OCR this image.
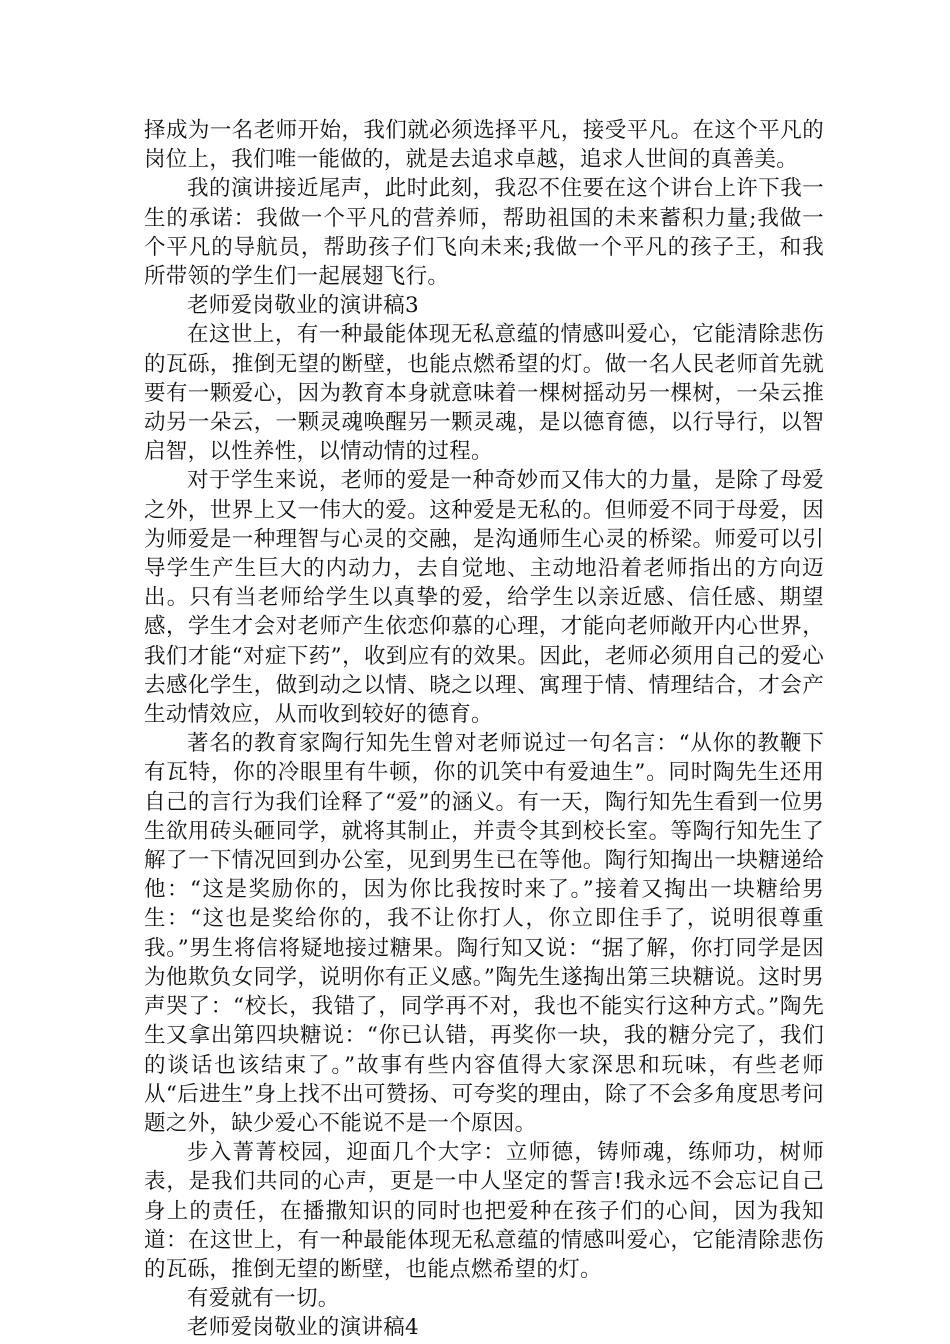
择成为一名老师开始，我们就必须选择平凡，接受平凡。在这个平凡的岗位上，我们唯一能做的，就是去追求卓越，追求人世间的真善美。

我的演讲接近尾声，此时此刻，我忍不住要在这个讲台上许下我一生的承诺：我做一个平凡的营养师，帮助祖国的未来蓄积力量;我做一个平凡的导航员，帮助孩子们飞向未来;我做一个平凡的孩子王，和我所带领的学生们一起展翅飞行。

老师爱岗敬业的演讲稿3

在这世上，有一种最能体现无私意蕴的情感叫爱心，它能清除悲伤的瓦砾，推倒无望的断壁，也能点燃希望的灯。做一名人民老师首先就要有一颗爱心，因为教育本身就意味着一棵树摇动另一棵树，一朵云推动另一朵云，一颗灵魂唤醒另一颗灵魂，是以德育德，以行导行，以智启智，以性养性，以情动情的过程。

对于学生来说，老师的爱是一种奇妙而又伟大的力量，是除了母爱之外，世界上又一伟大的爱。这种爱是无私的。但师爱不同于母爱，因为师爱是一种理智与心灵的交融，是沟通师生心灵的桥梁。师爱可以引导学生产生巨大的内动力，去自觉地、主动地沿着老师指出的方向迈出。只有当老师给学生以真挚的爱，给学生以亲近感、信任感、期望感，学生才会对老师产生依恋仰慕的心理，才能向老师敞开内心世界，我们才能“对症下药”，收到应有的效果。因此，老师必须用自己的爱心去感化学生，做到动之以情、晓之以理、寓理于情、情理结合，才会产生动情效应，从而收到较好的德育。

著名的教育家陶行知先生曾对老师说过一句名言：“从你的教鞭下有瓦特，你的冷眼里有牛顿，你的讥笑中有爱迪生”。同时陶先生还用自己的言行为我们诠释了“爱”的涵义。有一天，陶行知先生看到一位男生欲用砖头砸同学，就将其制止，并责令其到校长室。等陶行知先生了解了一下情况回到办公室，见到男生已在等他。陶行知掏出一块糖递给他：“这是奖励你的，因为你比我按时来了。”接着又掏出一块糖给男生：“这也是奖给你的，我不让你打人，你立即住手了，说明很尊重我。”男生将信将疑地接过糖果。陶行知又说：“据了解，你打同学是因为他欺负女同学，说明你有正义感。”陶先生遂掏出第三块糖说。这时男声哭了：“校长，我错了，同学再不对，我也不能实行这种方式。”陶先生又拿出第四块糖说：“你已认错，再奖你一块，我的糖分完了，我们的谈话也该结束了。”故事有些内容值得大家深思和玩味，有些老师从“后进生”身上找不出可赞扬、可夸奖的理由，除了不会多角度思考问题之外，缺少爱心不能说不是一个原因。

步入菁菁校园，迎面几个大字：立师德，铸师魂，练师功，树师表，是我们共同的心声，更是一中人坚定的誓言!我永远不会忘记自己身上的责任，在播撒知识的同时也把爱种在孩子们的心间，因为我知道：在这世上，有一种最能体现无私意蕴的情感叫爱心，它能清除悲伤的瓦砾，推倒无望的断壁，也能点燃希望的灯。

有爱就有一切。

老师爱岗敬业的演讲稿4
